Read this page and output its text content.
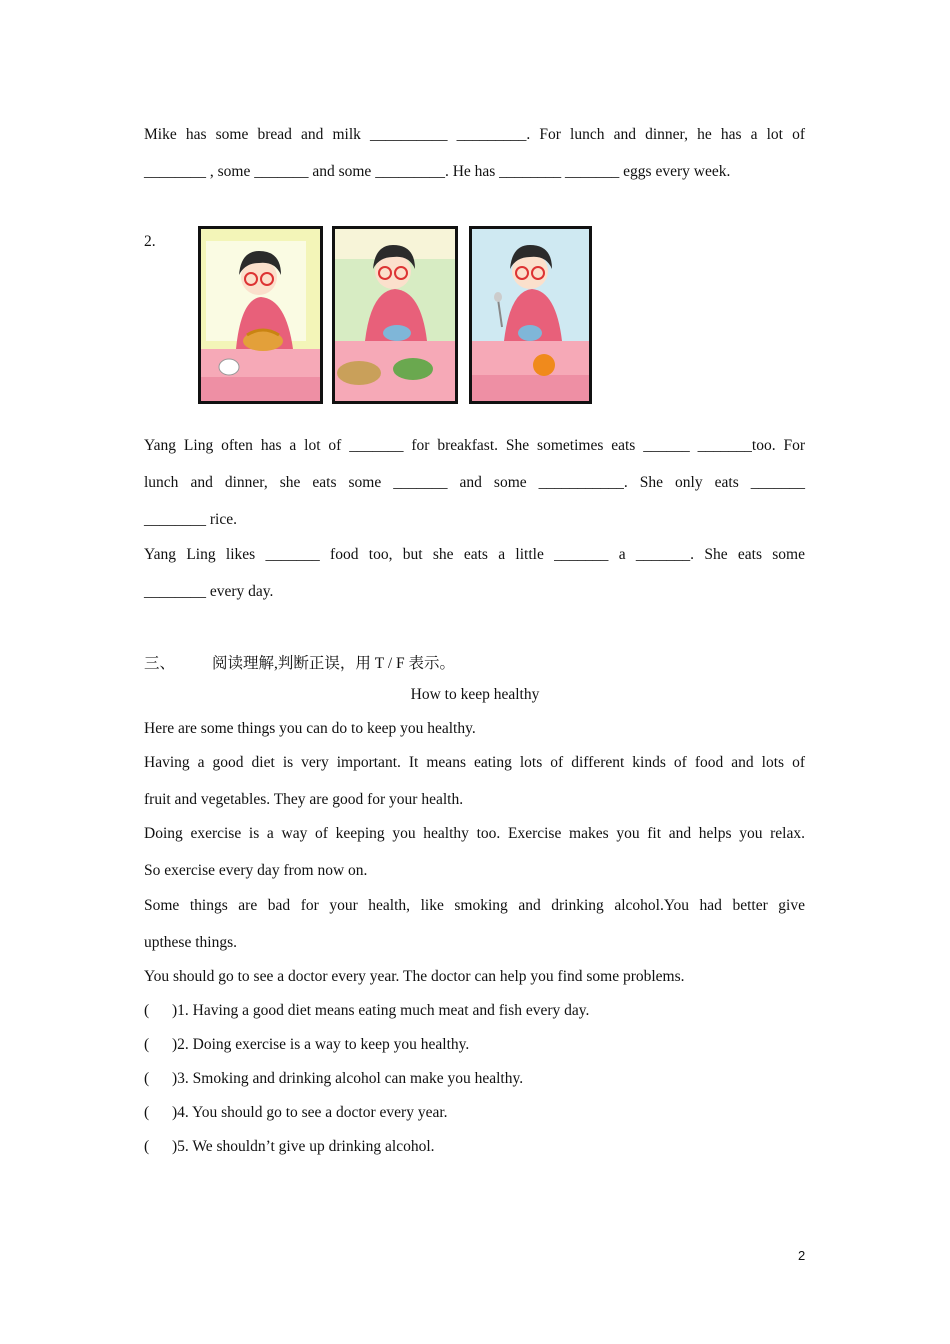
Mike has some bread and milk __________ _________. For lunch and dinner, he has a lot of
________ , some _______ and some _________. He has ________ _______ eggs every week.
2.
Yang Ling often has a lot of _______ for breakfast. She sometimes eats ______ _______too. For
lunch and dinner, she eats some _______ and some ___________. She only eats _______
________ rice.
Yang Ling likes _______ food too, but she eats a little _______ a _______. She eats some
________ every day.
三、 阅读理解,判断正误，用 T / F 表示。
How to keep healthy
Here are some things you can do to keep you healthy.
Having a good diet is very important. It means eating lots of different kinds of food and lots of
fruit and vegetables. They are good for your health.
Doing exercise is a way of keeping you healthy too. Exercise makes you fit and helps you relax.
So exercise every day from now on.
Some things are bad for your health, like smoking and drinking alcohol.You had better give
upthese things.
You should go to see a doctor every year. The doctor can help you find some problems.
( )1. Having a good diet means eating much meat and fish every day.
( )2. Doing exercise is a way to keep you healthy.
( )3. Smoking and drinking alcohol can make you healthy.
( )4. You should go to see a doctor every year.
( )5. We shouldn’t give up drinking alcohol.
2
